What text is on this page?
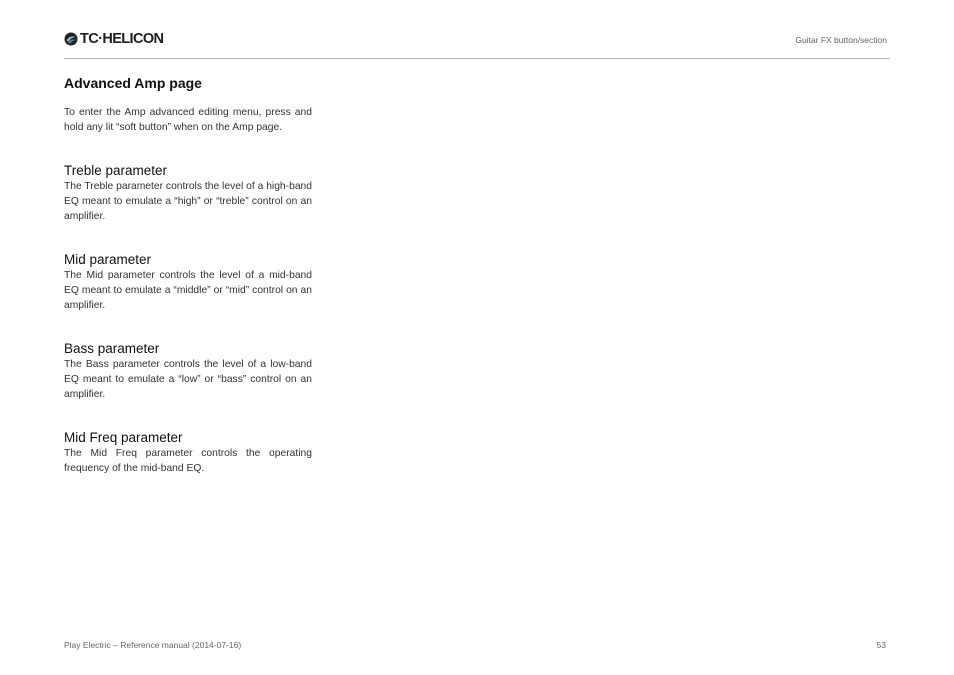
TC·HELICON	Guitar FX button/section
Advanced Amp page

To enter the Amp advanced editing menu, press and hold any lit “soft button” when on the Amp page.

Treble parameter

The Treble parameter controls the level of a high-band EQ meant to emulate a “high” or “treble” control on an amplifier.

Mid parameter

The Mid parameter controls the level of a mid-band EQ meant to emulate a “middle” or “mid” control on an amplifier.

Bass parameter

The Bass parameter controls the level of a low-band EQ meant to emulate a “low” or “bass” control on an amplifier.

Mid Freq parameter

The Mid Freq parameter controls the operating frequency of the mid-band EQ.

Play Electric – Reference manual (2014-07-16)	53
